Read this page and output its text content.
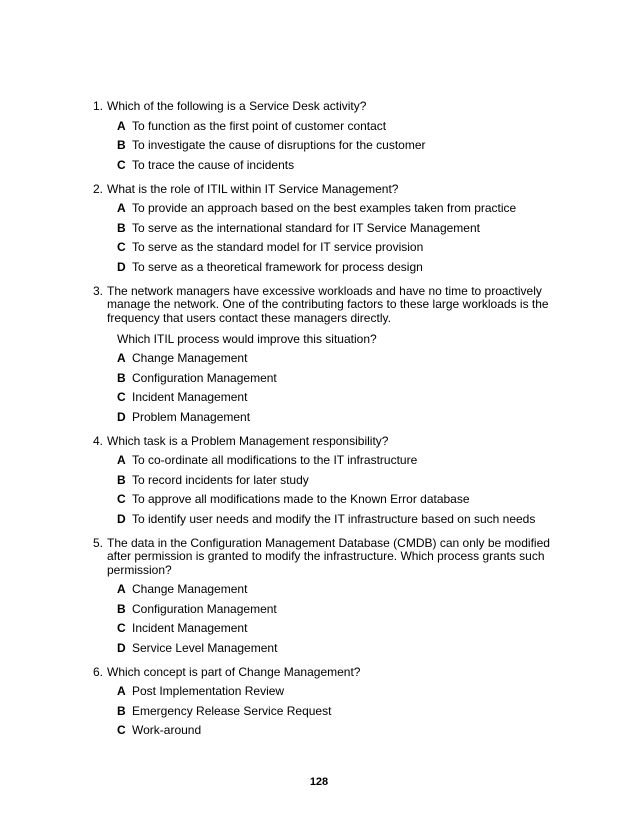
1. Which of the following is a Service Desk activity?
A To function as the first point of customer contact
B To investigate the cause of disruptions for the customer
C To trace the cause of incidents
2. What is the role of ITIL within IT Service Management?
A To provide an approach based on the best examples taken from practice
B To serve as the international standard for IT Service Management
C To serve as the standard model for IT service provision
D To serve as a theoretical framework for process design
3. The network managers have excessive workloads and have no time to proactively manage the network. One of the contributing factors to these large workloads is the frequency that users contact these managers directly.
Which ITIL process would improve this situation?
A Change Management
B Configuration Management
C Incident Management
D Problem Management
4. Which task is a Problem Management responsibility?
A To co-ordinate all modifications to the IT infrastructure
B To record incidents for later study
C To approve all modifications made to the Known Error database
D To identify user needs and modify the IT infrastructure based on such needs
5. The data in the Configuration Management Database (CMDB) can only be modified after permission is granted to modify the infrastructure. Which process grants such permission?
A Change Management
B Configuration Management
C Incident Management
D Service Level Management
6. Which concept is part of Change Management?
A Post Implementation Review
B Emergency Release Service Request
C Work-around
128
